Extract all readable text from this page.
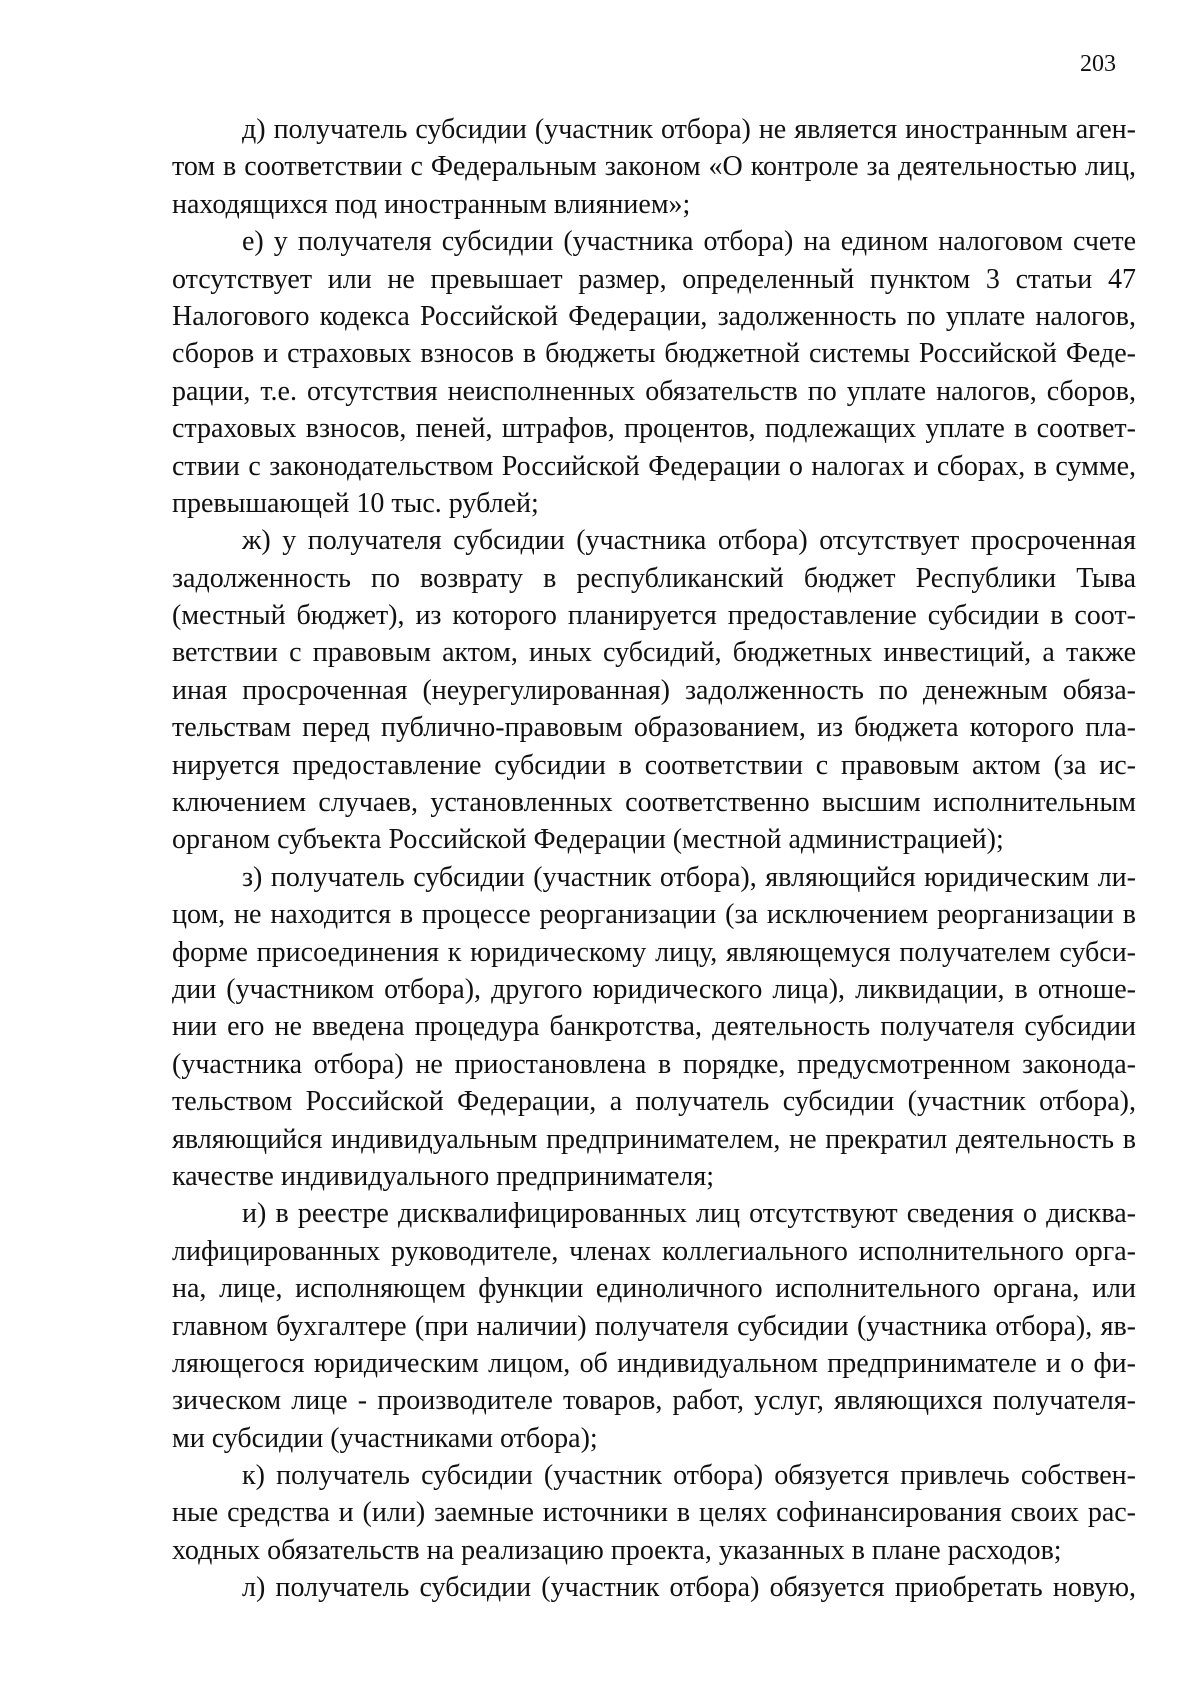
203
д) получатель субсидии (участник отбора) не является иностранным аген-
том в соответствии с Федеральным законом «О контроле за деятельностью лиц,
находящихся под иностранным влиянием»;
е) у получателя субсидии (участника отбора) на едином налоговом счете
отсутствует или не превышает размер, определенный пунктом 3 статьи 47
Налогового кодекса Российской Федерации, задолженность по уплате налогов,
сборов и страховых взносов в бюджеты бюджетной системы Российской Феде-
рации, т.е. отсутствия неисполненных обязательств по уплате налогов, сборов,
страховых взносов, пеней, штрафов, процентов, подлежащих уплате в соответ-
ствии с законодательством Российской Федерации о налогах и сборах, в сумме,
превышающей 10 тыс. рублей;
ж) у получателя субсидии (участника отбора) отсутствует просроченная
задолженность по возврату в республиканский бюджет Республики Тыва
(местный бюджет), из которого планируется предоставление субсидии в соот-
ветствии с правовым актом, иных субсидий, бюджетных инвестиций, а также
иная просроченная (неурегулированная) задолженность по денежным обяза-
тельствам перед публично-правовым образованием, из бюджета которого пла-
нируется предоставление субсидии в соответствии с правовым актом (за ис-
ключением случаев, установленных соответственно высшим исполнительным
органом субъекта Российской Федерации (местной администрацией);
з) получатель субсидии (участник отбора), являющийся юридическим ли-
цом, не находится в процессе реорганизации (за исключением реорганизации в
форме присоединения к юридическому лицу, являющемуся получателем субси-
дии (участником отбора), другого юридического лица), ликвидации, в отноше-
нии его не введена процедура банкротства, деятельность получателя субсидии
(участника отбора) не приостановлена в порядке, предусмотренном законода-
тельством Российской Федерации, а получатель субсидии (участник отбора),
являющийся индивидуальным предпринимателем, не прекратил деятельность в
качестве индивидуального предпринимателя;
и) в реестре дисквалифицированных лиц отсутствуют сведения о дисква-
лифицированных руководителе, членах коллегиального исполнительного орга-
на, лице, исполняющем функции единоличного исполнительного органа, или
главном бухгалтере (при наличии) получателя субсидии (участника отбора), яв-
ляющегося юридическим лицом, об индивидуальном предпринимателе и о фи-
зическом лице - производителе товаров, работ, услуг, являющихся получателя-
ми субсидии (участниками отбора);
к) получатель субсидии (участник отбора) обязуется привлечь собствен-
ные средства и (или) заемные источники в целях софинансирования своих рас-
ходных обязательств на реализацию проекта, указанных в плане расходов;
л) получатель субсидии (участник отбора) обязуется приобретать новую,
